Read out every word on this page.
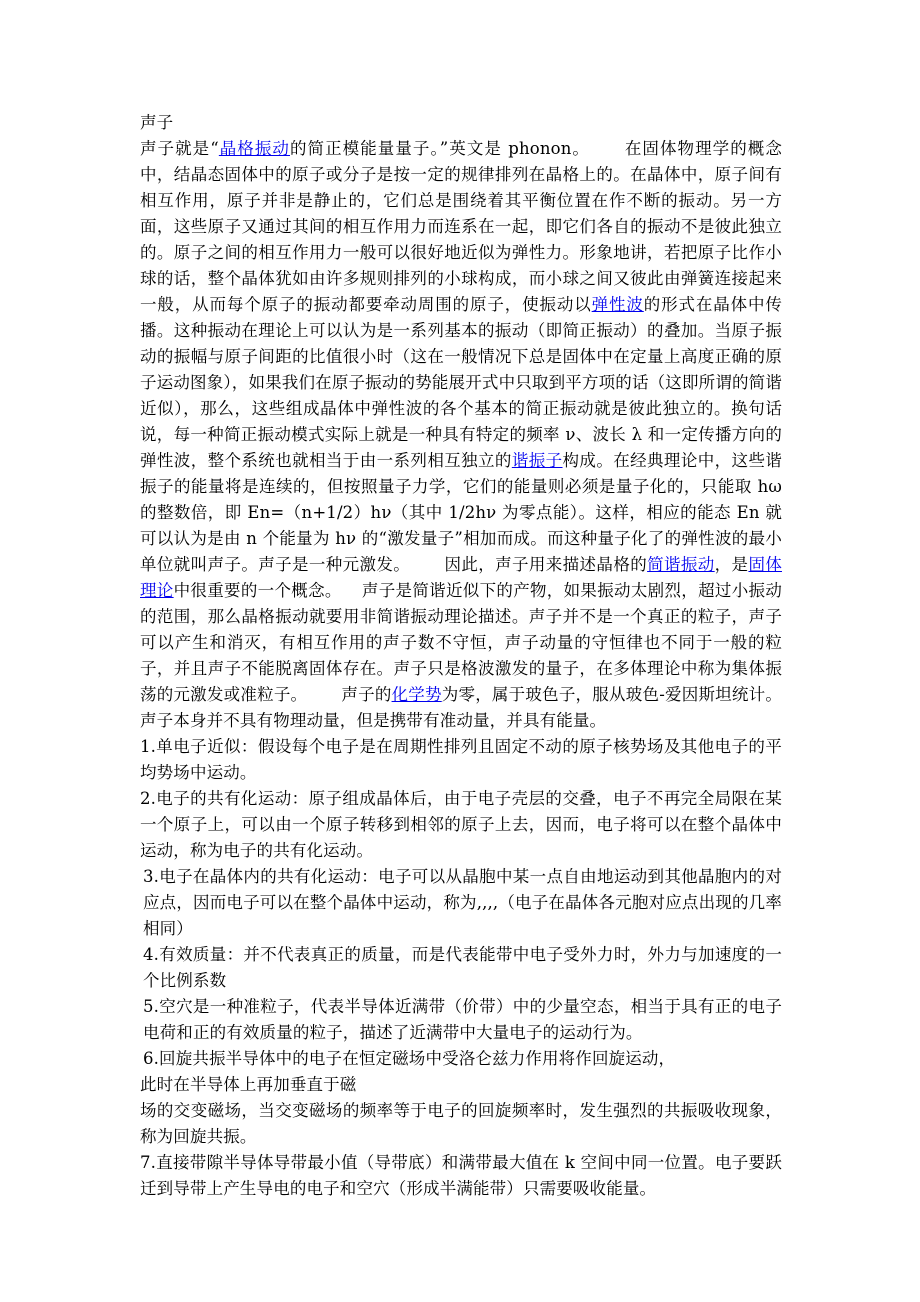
声子

声子就是“晶格振动的简正模能量量子。”英文是 phonon。 在固体物理学的概念中，结晶态固体中的原子或分子是按一定的规律排列在晶格上的。在晶体中，原子间有相互作用，原子并非是静止的，它们总是围绕着其平衡位置在作不断的振动。另一方面，这些原子又通过其间的相互作用力而连系在一起，即它们各自的振动不是彼此独立的。原子之间的相互作用力一般可以很好地近似为弹性力。形象地讲，若把原子比作小球的话，整个晶体犹如由许多规则排列的小球构成，而小球之间又彼此由弹簧连接起来一般，从而每个原子的振动都要牵动周围的原子，使振动以弹性波的形式在晶体中传播。这种振动在理论上可以认为是一系列基本的振动（即简正振动）的叠加。当原子振动的振幅与原子间距的比值很小时（这在一般情况下总是固体中在定量上高度正确的原子运动图象），如果我们在原子振动的势能展开式中只取到平方项的话（这即所谓的简谐近似），那么，这些组成晶体中弹性波的各个基本的简正振动就是彼此独立的。换句话说，每一种简正振动模式实际上就是一种具有特定的频率 ν、波长 λ 和一定传播方向的弹性波，整个系统也就相当于由一系列相互独立的谐振子构成。在经典理论中，这些谐振子的能量将是连续的，但按照量子力学，它们的能量则必须是量子化的，只能取 hω 的整数倍，即 En=（n+1/2）hν（其中 1/2hν 为零点能）。这样，相应的能态 En 就可以认为是由 n 个能量为 hν 的“激发量子”相加而成。而这种量子化了的弹性波的最小单位就叫声子。声子是一种元激发。 因此，声子用来描述晶格的简谐振动，是固体理论中很重要的一个概念。 声子是简谐近似下的产物，如果振动太剧烈，超过小振动的范围，那么晶格振动就要用非简谐振动理论描述。声子并不是一个真正的粒子，声子可以产生和消灭，有相互作用的声子数不守恒，声子动量的守恒律也不同于一般的粒子，并且声子不能脱离固体存在。声子只是格波激发的量子，在多体理论中称为集体振荡的元激发或准粒子。 声子的化学势为零，属于玻色子，服从玻色-爱因斯坦统计。声子本身并不具有物理动量，但是携带有准动量，并具有能量。

1.单电子近似：假设每个电子是在周期性排列且固定不动的原子核势场及其他电子的平均势场中运动。

2.电子的共有化运动：原子组成晶体后，由于电子壳层的交叠，电子不再完全局限在某一个原子上，可以由一个原子转移到相邻的原子上去，因而，电子将可以在整个晶体中运动，称为电子的共有化运动。

3.电子在晶体内的共有化运动：电子可以从晶胞中某一点自由地运动到其他晶胞内的对应点，因而电子可以在整个晶体中运动，称为,,,,（电子在晶体各元胞对应点出现的几率相同）

4.有效质量：并不代表真正的质量，而是代表能带中电子受外力时，外力与加速度的一个比例系数

5.空穴是一种准粒子，代表半导体近满带（价带）中的少量空态，相当于具有正的电子电荷和正的有效质量的粒子，描述了近满带中大量电子的运动行为。

6.回旋共振半导体中的电子在恒定磁场中受洛仑兹力作用将作回旋运动，

此时在半导体上再加垂直于磁

场的交变磁场，当交变磁场的频率等于电子的回旋频率时，发生强烈的共振吸收现象，称为回旋共振。

7.直接带隙半导体导带最小值（导带底）和满带最大值在 k 空间中同一位置。电子要跃迁到导带上产生导电的电子和空穴（形成半满能带）只需要吸收能量。
